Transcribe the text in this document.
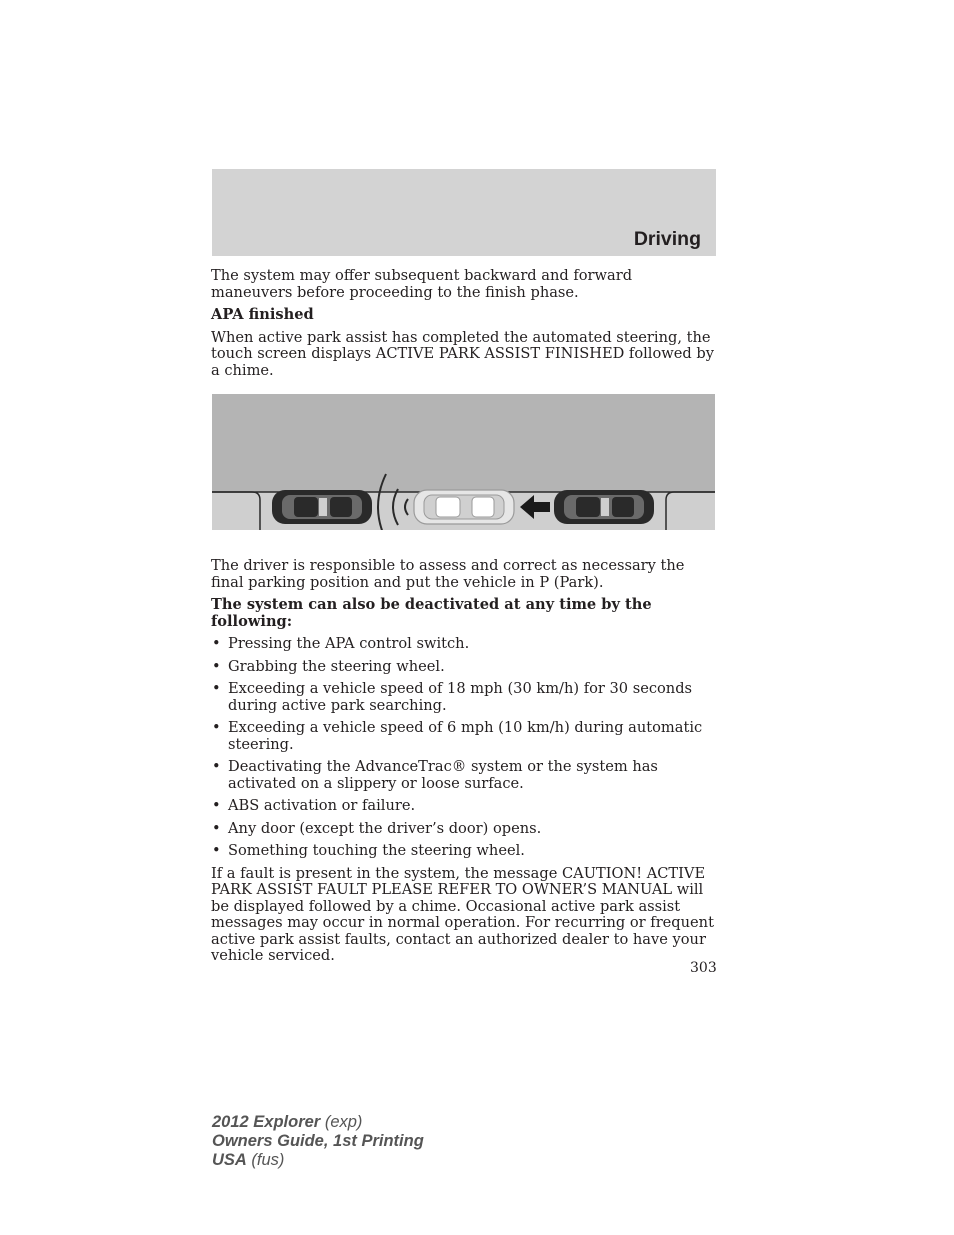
Driving

The system may offer subsequent backward and forward maneuvers before proceeding to the finish phase.

APA finished

When active park assist has completed the automated steering, the touch screen displays ACTIVE PARK ASSIST FINISHED followed by a chime.

The driver is responsible to assess and correct as necessary the final parking position and put the vehicle in P (Park).

The system can also be deactivated at any time by the following:

• Pressing the APA control switch.
• Grabbing the steering wheel.
• Exceeding a vehicle speed of 18 mph (30 km/h) for 30 seconds during active park searching.
• Exceeding a vehicle speed of 6 mph (10 km/h) during automatic steering.
• Deactivating the AdvanceTrac® system or the system has activated on a slippery or loose surface.
• ABS activation or failure.
• Any door (except the driver’s door) opens.
• Something touching the steering wheel.

If a fault is present in the system, the message CAUTION! ACTIVE PARK ASSIST FAULT PLEASE REFER TO OWNER’S MANUAL will be displayed followed by a chime. Occasional active park assist messages may occur in normal operation. For recurring or frequent active park assist faults, contact an authorized dealer to have your vehicle serviced.

303
2012 Explorer (exp)
Owners Guide, 1st Printing
USA (fus)
